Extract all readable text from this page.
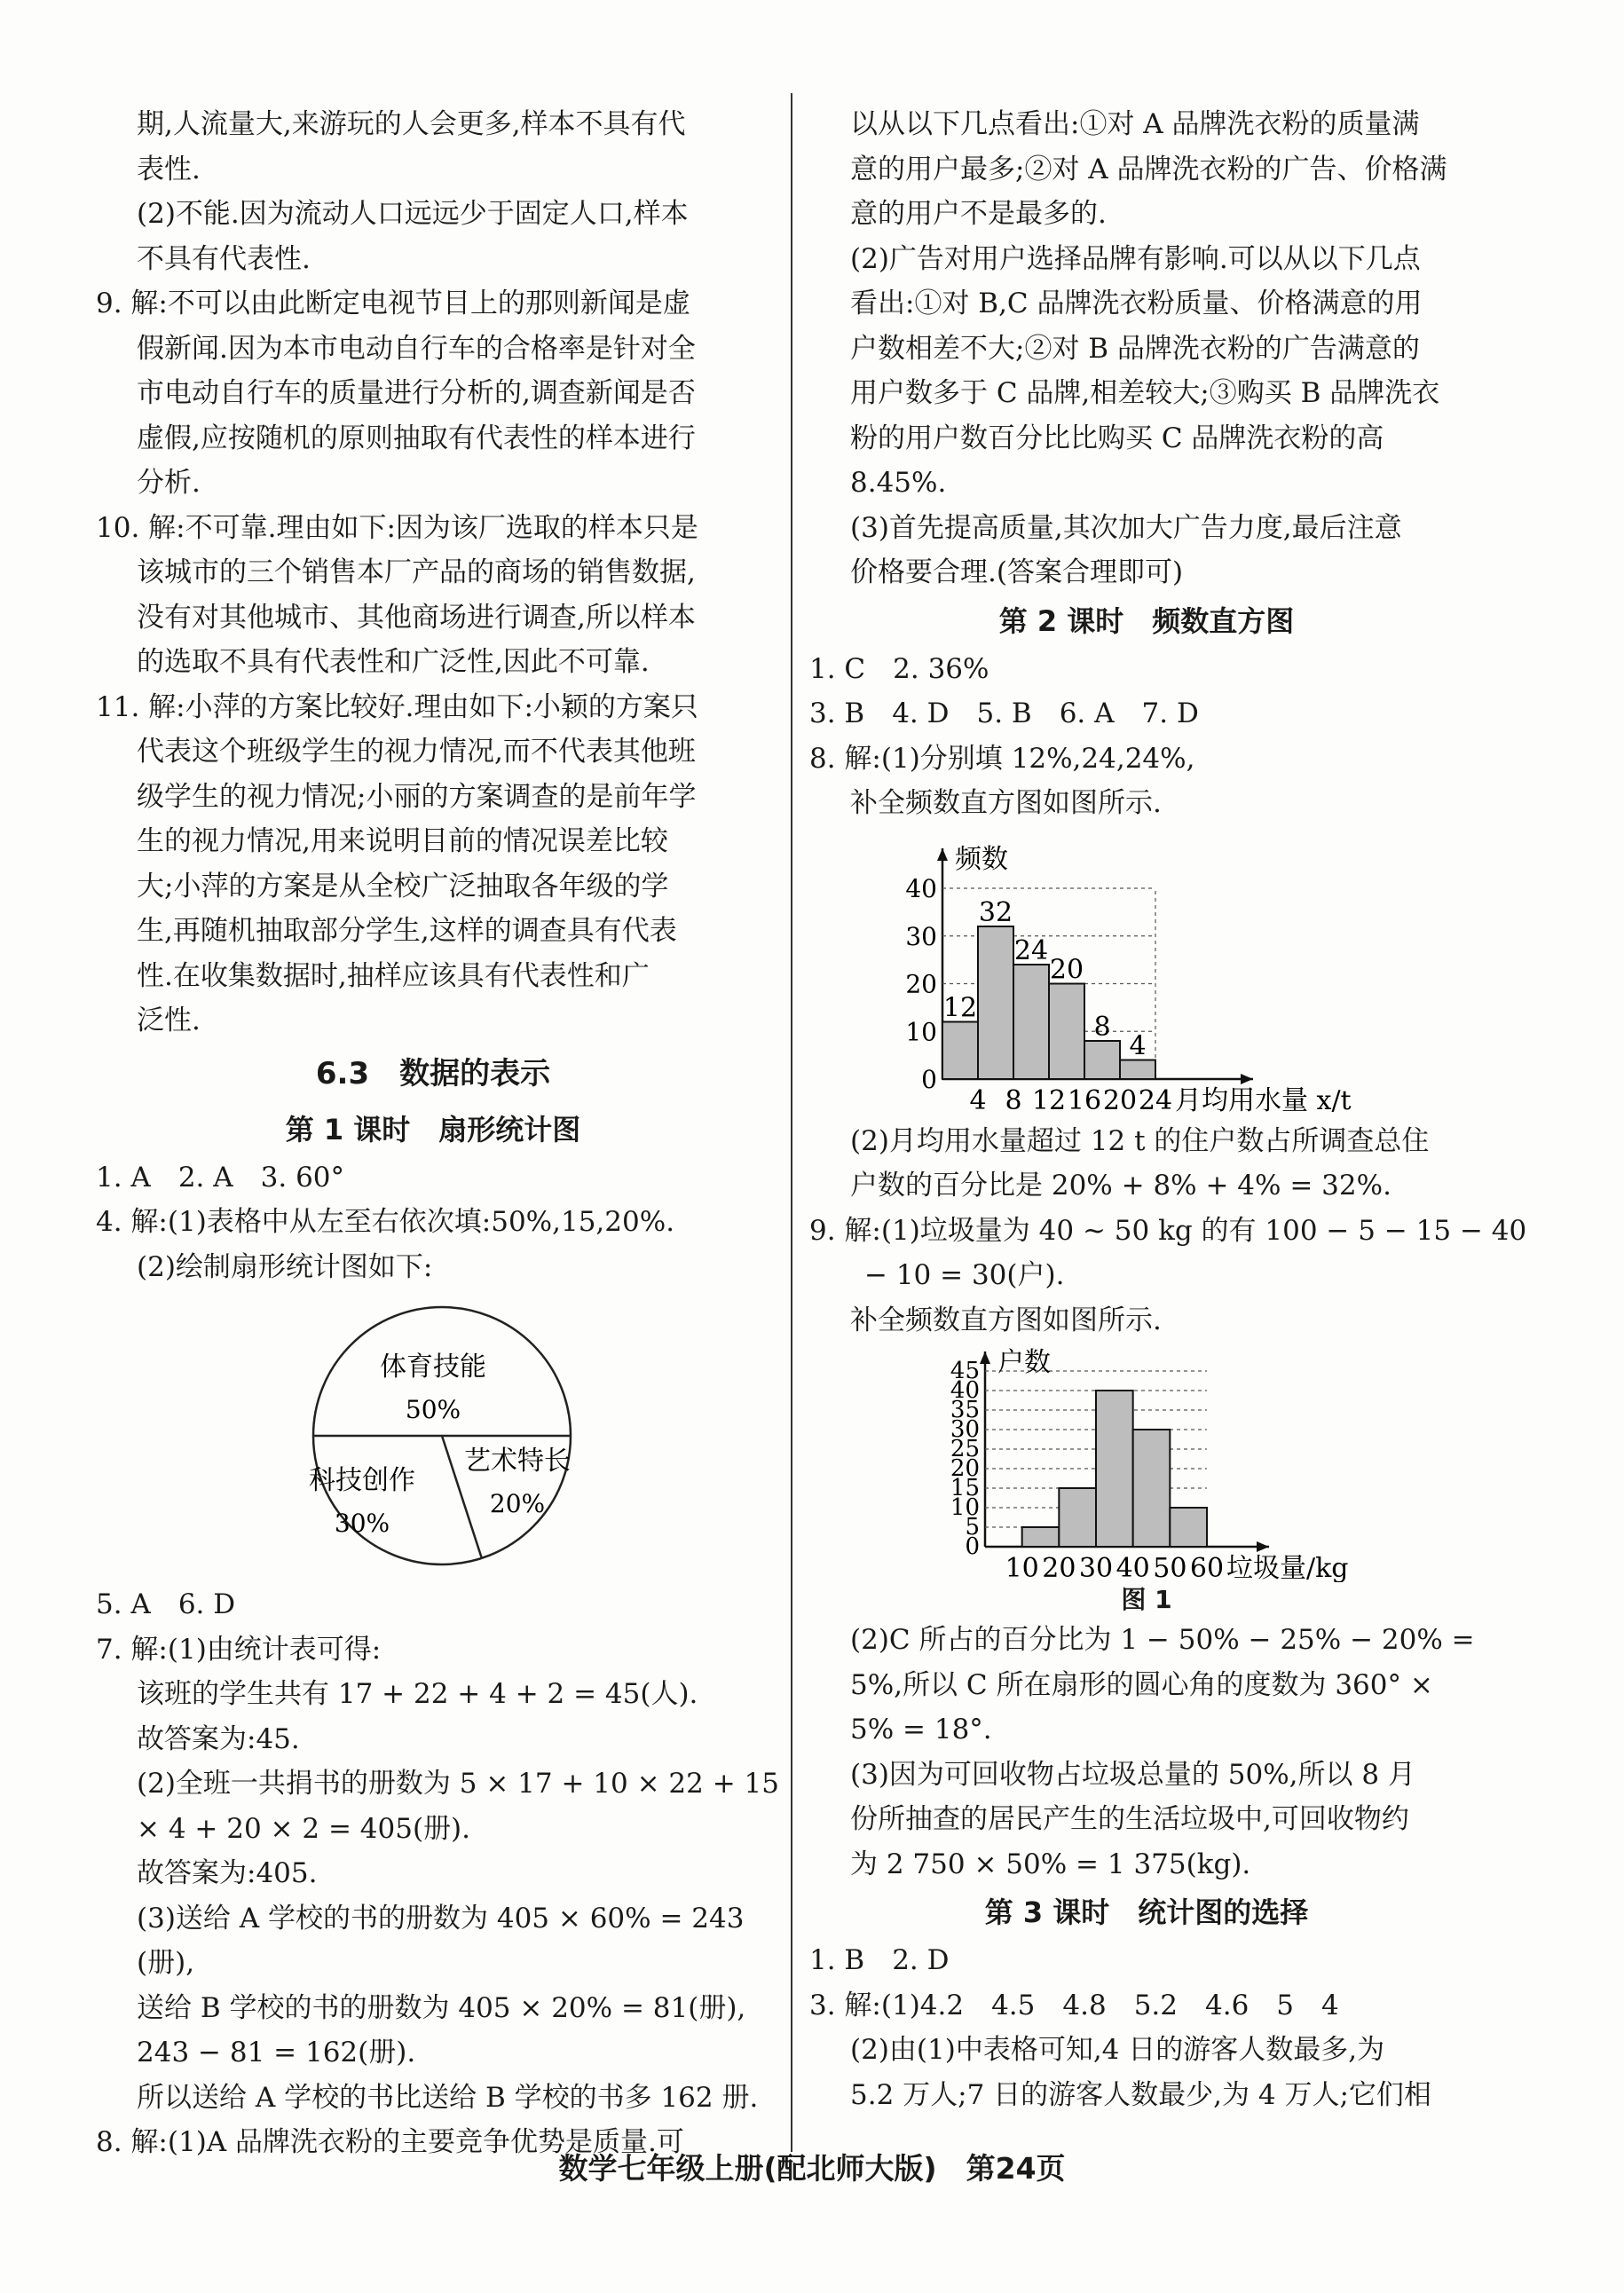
期,人流量大,来游玩的人会更多,样本不具有代
表性.
(2)不能.因为流动人口远远少于固定人口,样本
不具有代表性.
9. 解:不可以由此断定电视节目上的那则新闻是虚
假新闻.因为本市电动自行车的合格率是针对全
市电动自行车的质量进行分析的,调查新闻是否
虚假,应按随机的原则抽取有代表性的样本进行
分析.
10. 解:不可靠.理由如下:因为该厂选取的样本只是
该城市的三个销售本厂产品的商场的销售数据,
没有对其他城市、其他商场进行调查,所以样本
的选取不具有代表性和广泛性,因此不可靠.
11. 解:小萍的方案比较好.理由如下:小颖的方案只
代表这个班级学生的视力情况,而不代表其他班
级学生的视力情况;小丽的方案调查的是前年学
生的视力情况,用来说明目前的情况误差比较
大;小萍的方案是从全校广泛抽取各年级的学
生,再随机抽取部分学生,这样的调查具有代表
性.在收集数据时,抽样应该具有代表性和广
泛性.
6.3　数据的表示
第 1 课时　扇形统计图
1. A　2. A　3. 60°
4. 解:(1)表格中从左至右依次填:50%,15,20%.
(2)绘制扇形统计图如下:
体育技能
50%
艺术特长
20%
科技创作
30%
5. A　6. D
7. 解:(1)由统计表可得:
该班的学生共有 17 + 22 + 4 + 2 = 45(人).
故答案为:45.
(2)全班一共捐书的册数为 5 × 17 + 10 × 22 + 15
× 4 + 20 × 2 = 405(册).
故答案为:405.
(3)送给 A 学校的书的册数为 405 × 60% = 243
(册),
送给 B 学校的书的册数为 405 × 20% = 81(册),
243 − 81 = 162(册).
所以送给 A 学校的书比送给 B 学校的书多 162 册.
8. 解:(1)A 品牌洗衣粉的主要竞争优势是质量.可
以从以下几点看出:①对 A 品牌洗衣粉的质量满
意的用户最多;②对 A 品牌洗衣粉的广告、价格满
意的用户不是最多的.
(2)广告对用户选择品牌有影响.可以从以下几点
看出:①对 B,C 品牌洗衣粉质量、价格满意的用
户数相差不大;②对 B 品牌洗衣粉的广告满意的
用户数多于 C 品牌,相差较大;③购买 B 品牌洗衣
粉的用户数百分比比购买 C 品牌洗衣粉的高
8.45%.
(3)首先提高质量,其次加大广告力度,最后注意
价格要合理.(答案合理即可)
第 2 课时　频数直方图
1. C　2. 36%
3. B　4. D　5. B　6. A　7. D
8. 解:(1)分别填 12%,24,24%,
补全频数直方图如图所示.
0
10
20
30
40
12
32
24
20
8
4
4 8 12 16 20 24 月均用水量 x/t
频数
(2)月均用水量超过 12 t 的住户数占所调查总住
户数的百分比是 20% + 8% + 4% = 32%.
9. 解:(1)垃圾量为 40 ~ 50 kg 的有 100 − 5 − 15 − 40
− 10 = 30(户).
补全频数直方图如图所示.
0
5
10
15
20
25
30
35
40
45
10 20 30 40 50 60 垃圾量/kg
户数
图 1
(2)C 所占的百分比为 1 − 50% − 25% − 20% =
5%,所以 C 所在扇形的圆心角的度数为 360° ×
5% = 18°.
(3)因为可回收物占垃圾总量的 50%,所以 8 月
份所抽查的居民产生的生活垃圾中,可回收物约
为 2 750 × 50% = 1 375(kg).
第 3 课时　统计图的选择
1. B　2. D
3. 解:(1)4.2　4.5　4.8　5.2　4.6　5　4
(2)由(1)中表格可知,4 日的游客人数最多,为
5.2 万人;7 日的游客人数最少,为 4 万人;它们相
数学七年级上册(配北师大版)　第24页
